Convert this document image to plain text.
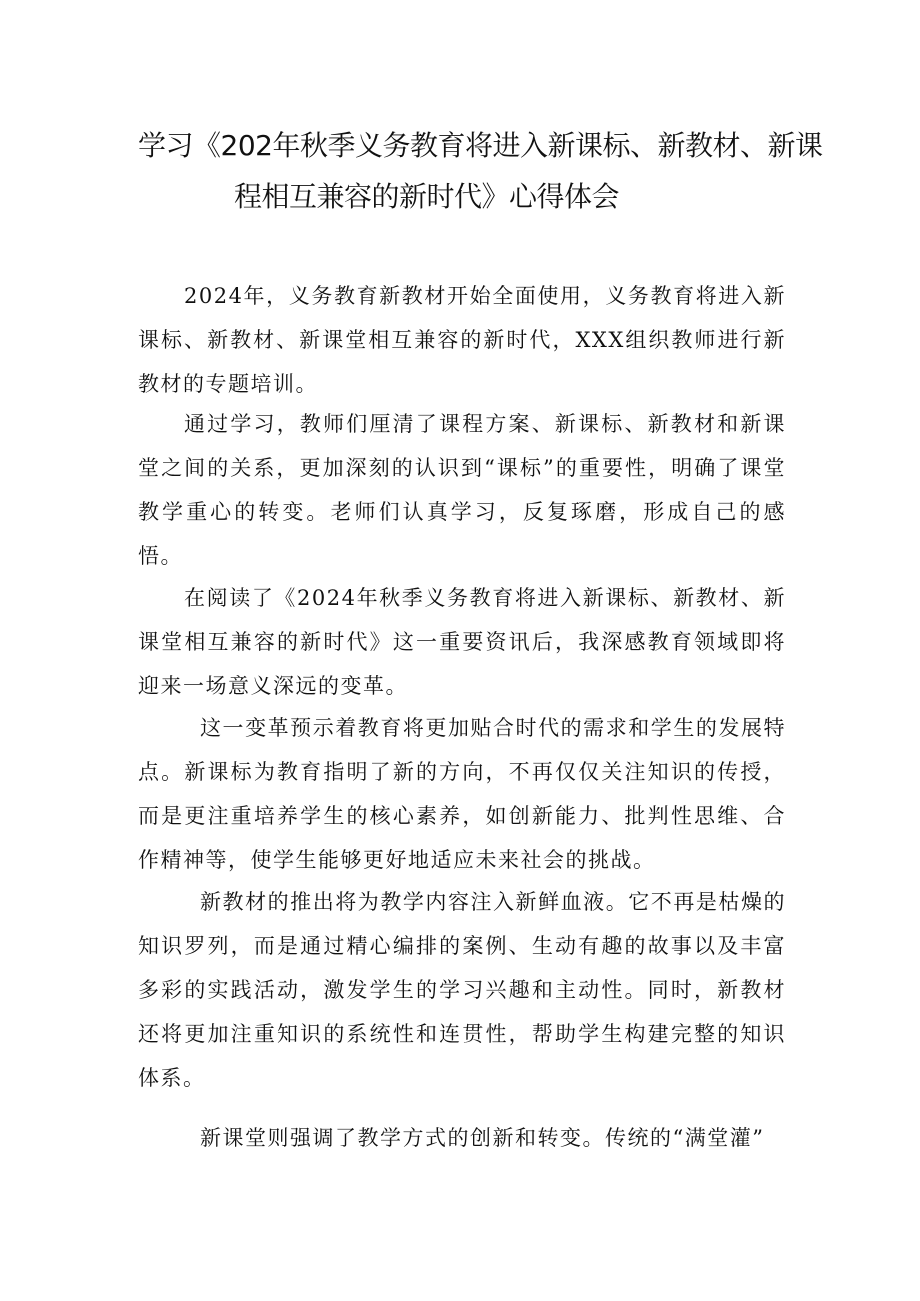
学习《202年秋季义务教育将进入新课标、新教材、新课
程相互兼容的新时代》心得体会

2024年，义务教育新教材开始全面使用，义务教育将进入新课标、新教材、新课堂相互兼容的新时代，XXX组织教师进行新教材的专题培训。

通过学习，教师们厘清了课程方案、新课标、新教材和新课堂之间的关系，更加深刻的认识到“课标”的重要性，明确了课堂教学重心的转变。老师们认真学习，反复琢磨，形成自己的感悟。

在阅读了《2024年秋季义务教育将进入新课标、新教材、新课堂相互兼容的新时代》这一重要资讯后，我深感教育领域即将迎来一场意义深远的变革。

这一变革预示着教育将更加贴合时代的需求和学生的发展特点。新课标为教育指明了新的方向，不再仅仅关注知识的传授，而是更注重培养学生的核心素养，如创新能力、批判性思维、合作精神等，使学生能够更好地适应未来社会的挑战。

新教材的推出将为教学内容注入新鲜血液。它不再是枯燥的知识罗列，而是通过精心编排的案例、生动有趣的故事以及丰富多彩的实践活动，激发学生的学习兴趣和主动性。同时，新教材还将更加注重知识的系统性和连贯性，帮助学生构建完整的知识体系。

新课堂则强调了教学方式的创新和转变。传统的“满堂灌”
